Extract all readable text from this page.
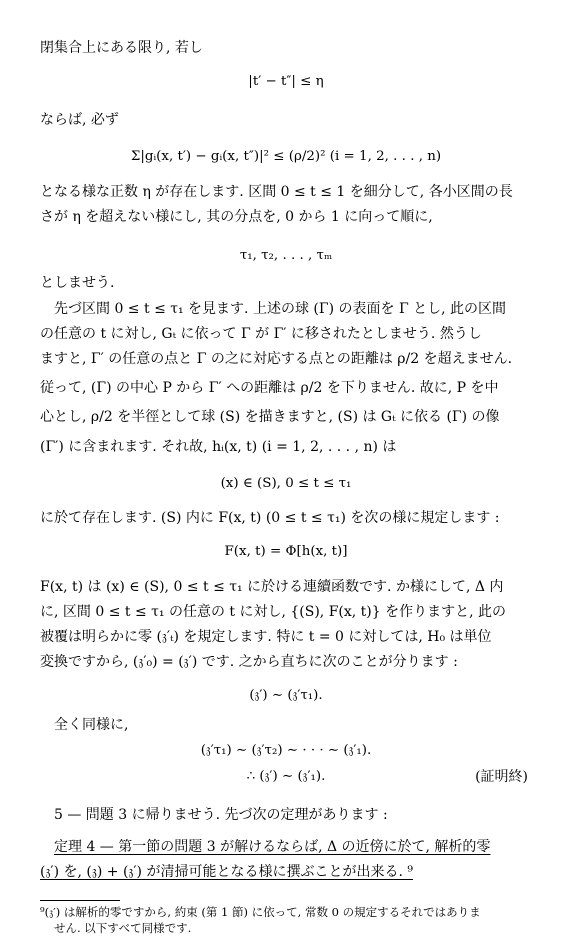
閉集合上にある限り, 若し
|t′ − t″| ≤ η
ならば, 必ず
Σ|gᵢ(x, t′) − gᵢ(x, t″)|² ≤ (ρ/2)² (i = 1, 2, . . . , n)
となる様な正数 η が存在します. 区間 0 ≤ t ≤ 1 を細分して, 各小区間の長
さが η を超えない様にし, 其の分点を, 0 から 1 に向って順に,
τ₁, τ₂, . . . , τₘ
としませう.
先づ区間 0 ≤ t ≤ τ₁ を見ます. 上述の球 (Γ) の表面を Γ とし, 此の区間
の任意の t に対し, Gₜ に依って Γ が Γ′ に移されたとしませう. 然うし
ますと, Γ′ の任意の点と Γ の之に対応する点との距離は ρ/2 を超えません.
従って, (Γ) の中心 P から Γ′ への距離は ρ/2 を下りません. 故に, P を中
心とし, ρ/2 を半徑として球 (S) を描きますと, (S) は Gₜ に依る (Γ) の像
(Γ′) に含まれます. それ故, hᵢ(x, t) (i = 1, 2, . . . , n) は
(x) ∈ (S), 0 ≤ t ≤ τ₁
に於て存在します. (S) 内に F(x, t) (0 ≤ t ≤ τ₁) を次の様に規定します :
F(x, t) = Φ[h(x, t)]
F(x, t) は (x) ∈ (S), 0 ≤ t ≤ τ₁ に於ける連續函数です. か様にして, Δ 内
に, 区間 0 ≤ t ≤ τ₁ の任意の t に対し, {(S), F(x, t)} を作りますと, 此の
被覆は明らかに零 (𝔷′ₜ) を規定します. 特に t = 0 に対しては, H₀ は単位
変換ですから, (𝔷′₀) = (𝔷′) です. 之から直ちに次のことが分ります :
(𝔷′) ∼ (𝔷′τ₁).
全く同様に,
(𝔷′τ₁) ∼ (𝔷′τ₂) ∼ · · · ∼ (𝔷′₁).
∴ (𝔷′) ∼ (𝔷′₁).	(証明終)
5 — 問題 3 に帰りませう. 先づ次の定理があります :
定理 4 — 第一節の問題 3 が解けるならば, Δ の近傍に於て, 解析的零
(𝔷′) を, (𝔷) + (𝔷′) が清掃可能となる様に撰ぶことが出来る. ⁹
⁹(𝔷′) は解析的零ですから, 約束 (第 1 節) に依って, 常数 0 の規定するそれではありま
せん. 以下すべて同様です.
